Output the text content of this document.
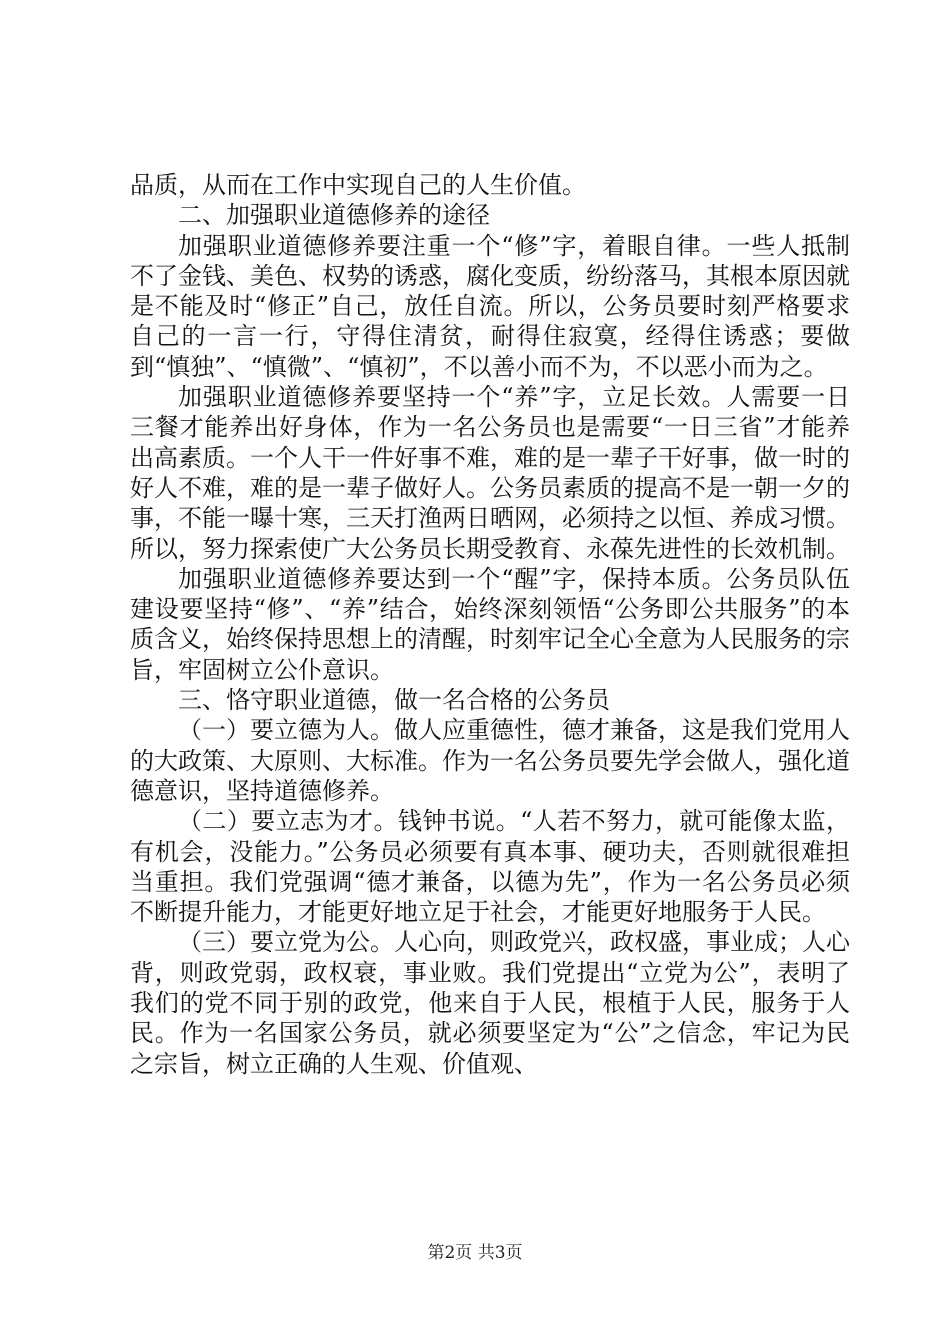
品质，从而在工作中实现自己的人生价值。

二、加强职业道德修养的途径

加强职业道德修养要注重一个“修”字，着眼自律。一些人抵制不了金钱、美色、权势的诱惑，腐化变质，纷纷落马，其根本原因就是不能及时“修正”自己，放任自流。所以，公务员要时刻严格要求自己的一言一行，守得住清贫，耐得住寂寞，经得住诱惑；要做到“慎独”、“慎微”、“慎初”，不以善小而不为，不以恶小而为之。

加强职业道德修养要坚持一个“养”字，立足长效。人需要一日三餐才能养出好身体，作为一名公务员也是需要“一日三省”才能养出高素质。一个人干一件好事不难，难的是一辈子干好事，做一时的好人不难，难的是一辈子做好人。公务员素质的提高不是一朝一夕的事，不能一曝十寒，三天打渔两日晒网，必须持之以恒、养成习惯。所以，努力探索使广大公务员长期受教育、永葆先进性的长效机制。

加强职业道德修养要达到一个“醒”字，保持本质。公务员队伍建设要坚持“修”、“养”结合，始终深刻领悟“公务即公共服务”的本质含义，始终保持思想上的清醒，时刻牢记全心全意为人民服务的宗旨，牢固树立公仆意识。

三、恪守职业道德，做一名合格的公务员

（一）要立德为人。做人应重德性，德才兼备，这是我们党用人的大政策、大原则、大标准。作为一名公务员要先学会做人，强化道德意识，坚持道德修养。

（二）要立志为才。钱钟书说。“人若不努力，就可能像太监，有机会，没能力。”公务员必须要有真本事、硬功夫，否则就很难担当重担。我们党强调“德才兼备，以德为先”，作为一名公务员必须不断提升能力，才能更好地立足于社会，才能更好地服务于人民。

（三）要立党为公。人心向，则政党兴，政权盛，事业成；人心背，则政党弱，政权衰，事业败。我们党提出“立党为公”，表明了我们的党不同于别的政党，他来自于人民，根植于人民，服务于人民。作为一名国家公务员，就必须要坚定为“公”之信念，牢记为民之宗旨，树立正确的人生观、价值观、

第2页 共3页
